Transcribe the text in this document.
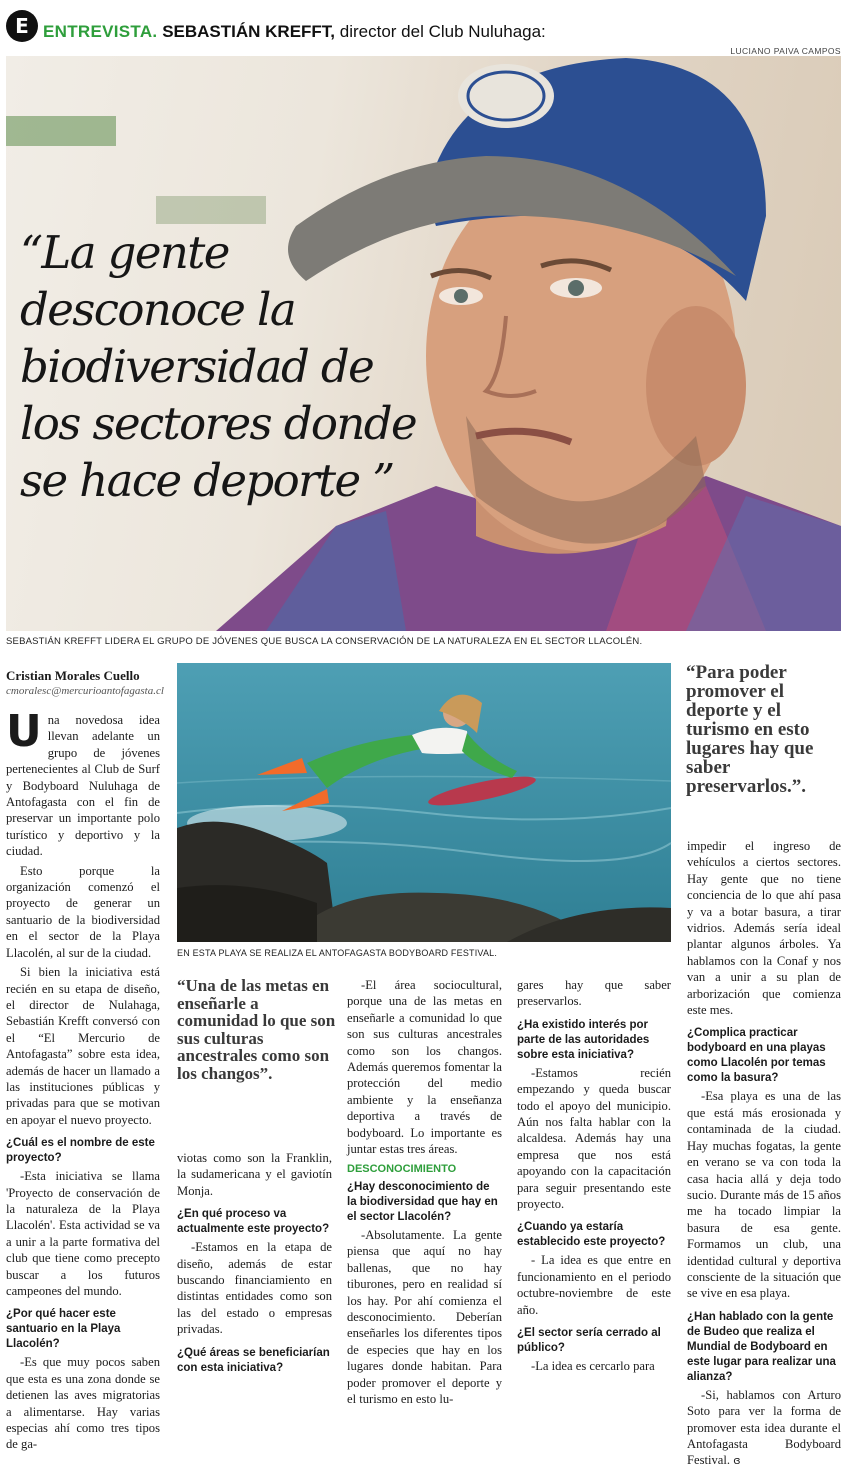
E ENTREVISTA. SEBASTIÁN KREFFT, director del Club Nuluhaga:
LUCIANO PAIVA CAMPOS
“La gente
desconoce la
biodiversidad de
los sectores donde
se hace deporte ”
SEBASTIÁN KREFFT LIDERA EL GRUPO DE JÓVENES QUE BUSCA LA CONSERVACIÓN DE LA NATURALEZA EN EL SECTOR LLACOLÉN.
Cristian Morales Cuello
cmoralesc@mercurioantofagasta.cl

Una novedosa idea llevan adelante un grupo de jóvenes pertenecientes al Club de Surf y Bodyboard Nuluhaga de Antofagasta con el fin de preservar un importante polo turístico y deportivo y la ciudad.

Esto porque la organización comenzó el proyecto de generar un santuario de la biodiversidad en el sector de la Playa Llacolén, al sur de la ciudad.

Si bien la iniciativa está recién en su etapa de diseño, el director de Nulahaga, Sebastián Krefft conversó con el “El Mercurio de Antofagasta” sobre esta idea, además de hacer un llamado a las instituciones públicas y privadas para que se motivan en apoyar el nuevo proyecto.

¿Cuál es el nombre de este proyecto?

-Esta iniciativa se llama 'Proyecto de conservación de la naturaleza de la Playa Llacolén'. Esta actividad se va a unir a la parte formativa del club que tiene como precepto buscar a los futuros campeones del mundo.

¿Por qué hacer este santuario en la Playa Llacolén?

-Es que muy pocos saben que esta es una zona donde se detienen las aves migratorias a alimentarse. Hay varias especias ahí como tres tipos de ga-

EN ESTA PLAYA SE REALIZA EL ANTOFAGASTA BODYBOARD FESTIVAL.
“Para poder promover el deporte y el turismo en esto lugares hay que saber preservarlos.”.
“Una de las metas en enseñarle a comunidad lo que son sus culturas ancestrales como son los changos”.

viotas como son la Franklin, la sudamericana y el gaviotín Monja.

¿En qué proceso va actualmente este proyecto?

-Estamos en la etapa de diseño, además de estar buscando financiamiento en distintas entidades como son las del estado o empresas privadas.

¿Qué áreas se beneficiarían con esta iniciativa?

-El área sociocultural, porque una de las metas en enseñarle a comunidad lo que son sus culturas ancestrales como son los changos. Además queremos fomentar la protección del medio ambiente y la enseñanza deportiva a través de bodyboard. Lo importante es juntar estas tres áreas.

DESCONOCIMIENTO
¿Hay desconocimiento de la biodiversidad que hay en el sector Llacolén?

-Absolutamente. La gente piensa que aquí no hay ballenas, que no hay tiburones, pero en realidad sí los hay. Por ahí comienza el desconocimiento. Deberían enseñarles los diferentes tipos de especies que hay en los lugares donde habitan. Para poder promover el deporte y el turismo en esto lu-

gares hay que saber preservarlos.

¿Ha existido interés por parte de las autoridades sobre esta iniciativa?

-Estamos recién empezando y queda buscar todo el apoyo del municipio. Aún nos falta hablar con la alcaldesa. Además hay una empresa que nos está apoyando con la capacitación para seguir presentando este proyecto.

¿Cuando ya estaría establecido este proyecto?

- La idea es que entre en funcionamiento en el periodo octubre-noviembre de este año.

¿El sector sería cerrado al público?

-La idea es cercarlo para

impedir el ingreso de vehículos a ciertos sectores. Hay gente que no tiene conciencia de lo que ahí pasa y va a botar basura, a tirar vidrios. Además sería ideal plantar algunos árboles. Ya hablamos con la Conaf y nos van a unir a su plan de arborización que comienza este mes.

¿Complica practicar bodyboard en una playas como Llacolén por temas como la basura?

-Esa playa es una de las que está más erosionada y contaminada de la ciudad. Hay muchas fogatas, la gente en verano se va con toda la casa hacia allá y deja todo sucio. Durante más de 15 años me ha tocado limpiar la basura de esa gente. Formamos un club, una identidad cultural y deportiva consciente de la situación que se vive en esa playa.

¿Han hablado con la gente de Budeo que realiza el Mundial de Bodyboard en este lugar para realizar una alianza?

-Si, hablamos con Arturo Soto para ver la forma de promover esta idea durante el Antofagasta Bodyboard Festival. ɞ
